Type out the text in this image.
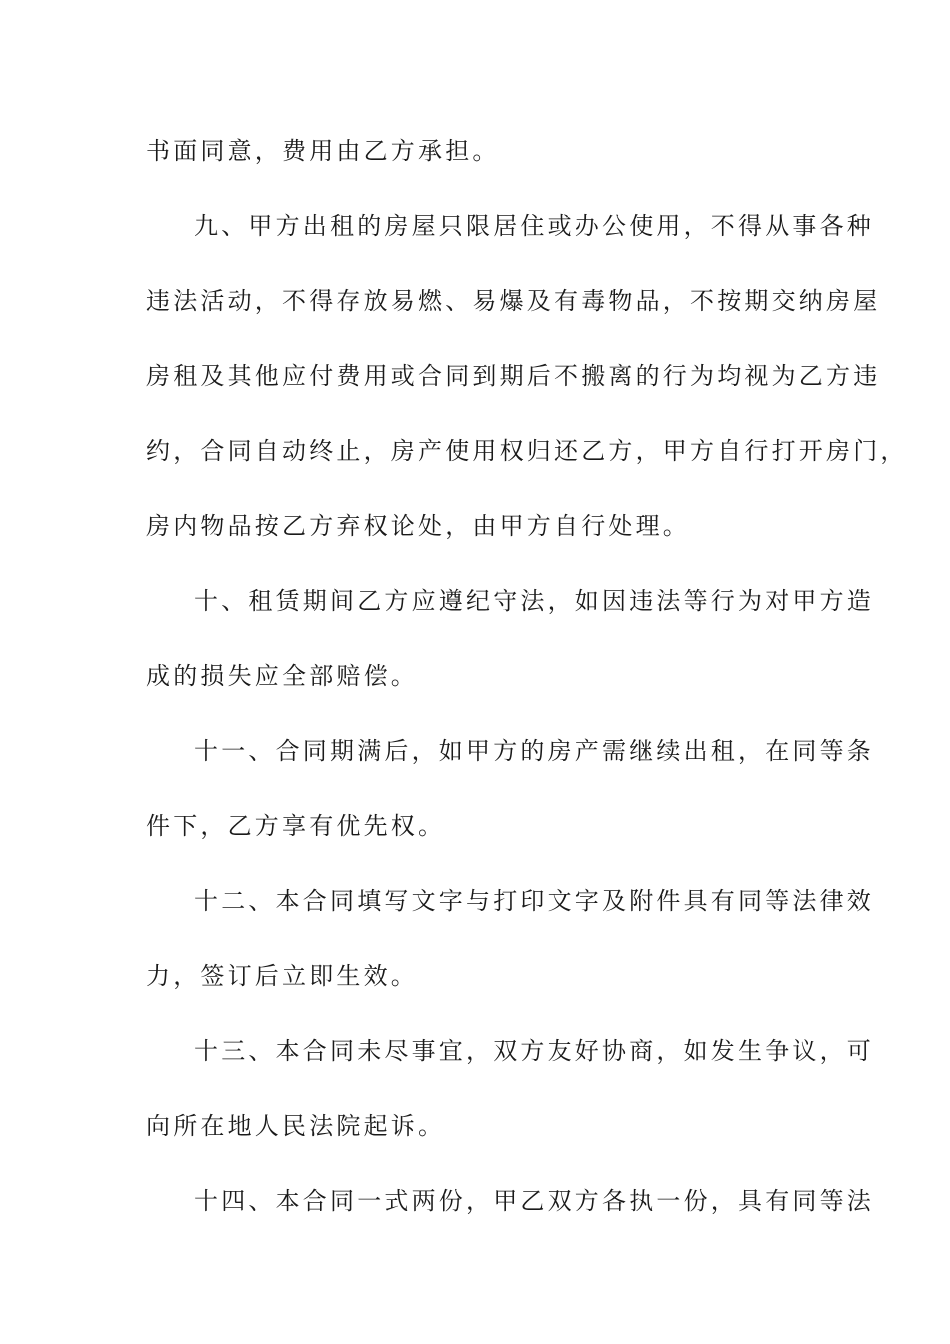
书面同意，费用由乙方承担。
九、甲方出租的房屋只限居住或办公使用，不得从事各种
违法活动，不得存放易燃、易爆及有毒物品，不按期交纳房屋
房租及其他应付费用或合同到期后不搬离的行为均视为乙方违
约，合同自动终止，房产使用权归还乙方，甲方自行打开房门，
房内物品按乙方弃权论处，由甲方自行处理。
十、租赁期间乙方应遵纪守法，如因违法等行为对甲方造
成的损失应全部赔偿。
十一、合同期满后，如甲方的房产需继续出租，在同等条
件下，乙方享有优先权。
十二、本合同填写文字与打印文字及附件具有同等法律效
力，签订后立即生效。
十三、本合同未尽事宜，双方友好协商，如发生争议，可
向所在地人民法院起诉。
十四、本合同一式两份，甲乙双方各执一份，具有同等法
